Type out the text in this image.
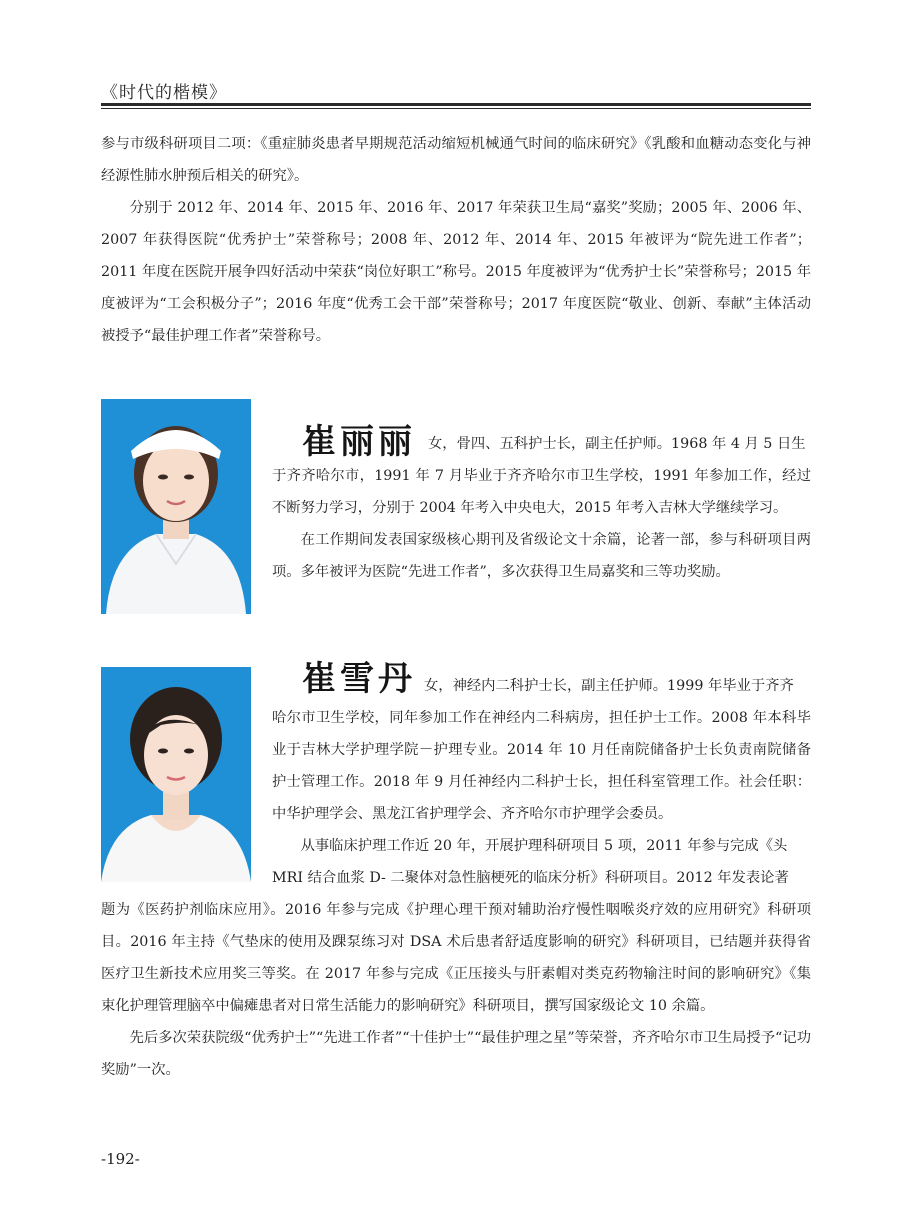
《时代的楷模》

参与市级科研项目二项：《重症肺炎患者早期规范活动缩短机械通气时间的临床研究》《乳酸和血糖动态变化与神经源性肺水肿预后相关的研究》。

分别于 2012 年、2014 年、2015 年、2016 年、2017 年荣获卫生局“嘉奖”奖励；2005 年、2006 年、2007 年获得医院“优秀护士”荣誉称号；2008 年、2012 年、2014 年、2015 年被评为“院先进工作者”；2011 年度在医院开展争四好活动中荣获“岗位好职工”称号。2015 年度被评为“优秀护士长”荣誉称号；2015 年度被评为“工会积极分子”；2016 年度“优秀工会干部”荣誉称号；2017 年度医院“敬业、创新、奉献”主体活动被授予“最佳护理工作者”荣誉称号。

崔丽丽 女，骨四、五科护士长，副主任护师。1968 年 4 月 5 日生

于齐齐哈尔市，1991 年 7 月毕业于齐齐哈尔市卫生学校，1991 年参加工作，经过不断努力学习，分别于 2004 年考入中央电大，2015 年考入吉林大学继续学习。

在工作期间发表国家级核心期刊及省级论文十余篇，论著一部，参与科研项目两项。多年被评为医院“先进工作者”，多次获得卫生局嘉奖和三等功奖励。

崔雪丹 女，神经内二科护士长，副主任护师。1999 年毕业于齐齐

哈尔市卫生学校，同年参加工作在神经内二科病房，担任护士工作。2008 年本科毕业于吉林大学护理学院－护理专业。2014 年 10 月任南院储备护士长负责南院储备护士管理工作。2018 年 9 月任神经内二科护士长，担任科室管理工作。社会任职：中华护理学会、黑龙江省护理学会、齐齐哈尔市护理学会委员。

从事临床护理工作近 20 年，开展护理科研项目 5 项，2011 年参与完成《头

MRI 结合血浆 D- 二聚体对急性脑梗死的临床分析》科研项目。2012 年发表论著

题为《医药护剂临床应用》。2016 年参与完成《护理心理干预对辅助治疗慢性咽喉炎疗效的应用研究》科研项目。2016 年主持《气垫床的使用及踝泵练习对 DSA 术后患者舒适度影响的研究》科研项目，已结题并获得省医疗卫生新技术应用奖三等奖。在 2017 年参与完成《正压接头与肝素帽对类克药物输注时间的影响研究》《集束化护理管理脑卒中偏瘫患者对日常生活能力的影响研究》科研项目，撰写国家级论文 10 余篇。

先后多次荣获院级“优秀护士”“先进工作者”“十佳护士”“最佳护理之星”等荣誉，齐齐哈尔市卫生局授予“记功奖励”一次。

-192-
